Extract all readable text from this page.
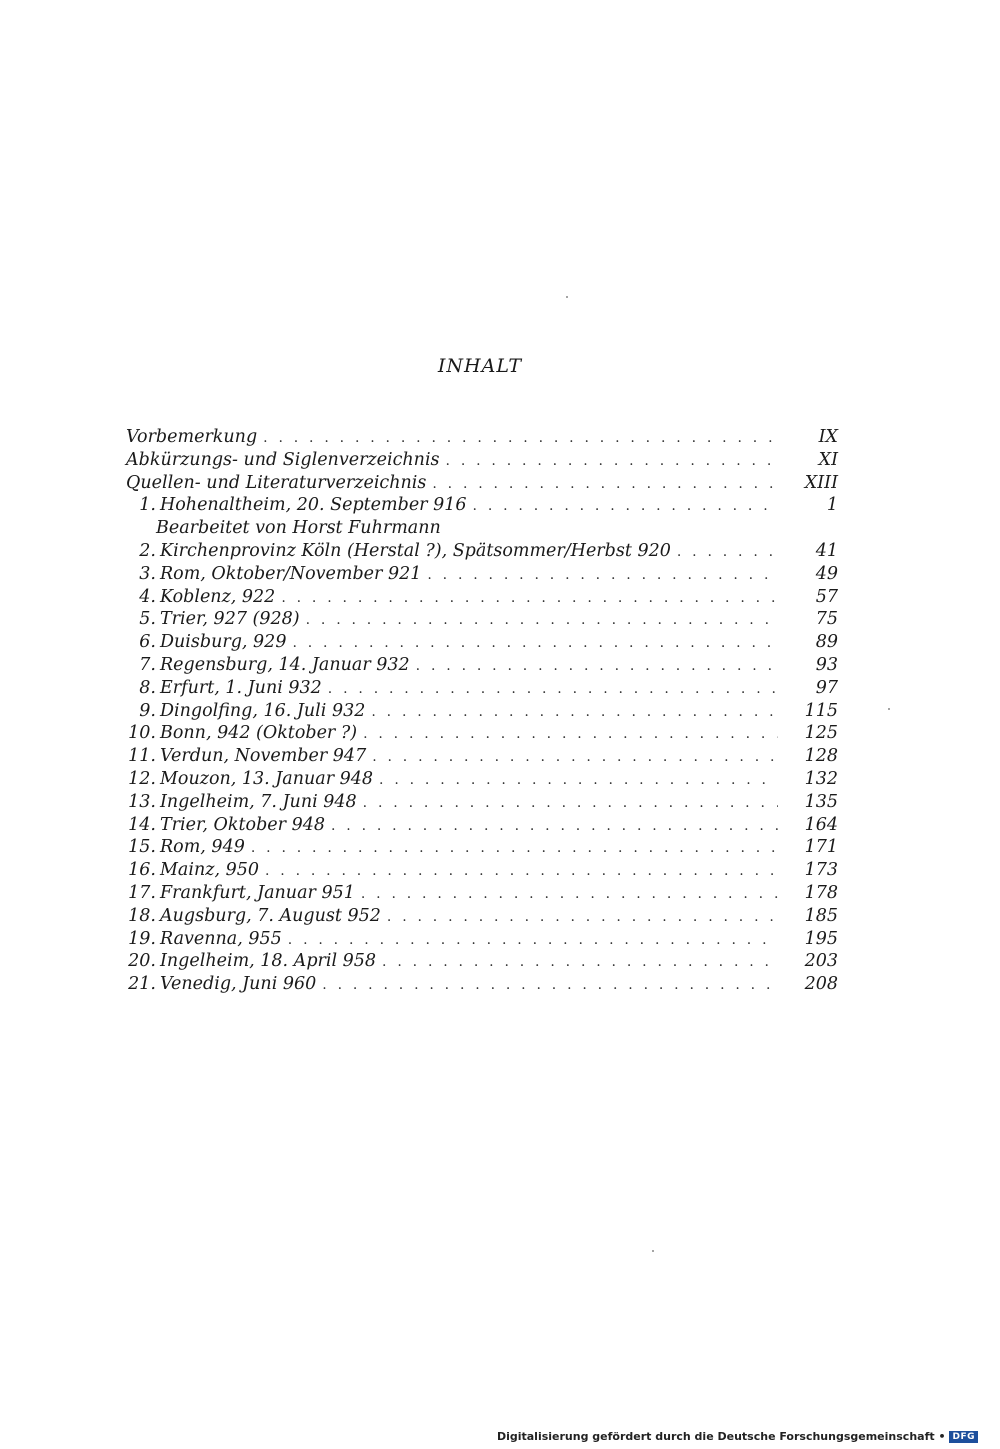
INHALT
Vorbemerkung . . .	IX
Abkürzungs- und Siglenverzeichnis . . .	XI
Quellen- und Literaturverzeichnis . . .	XIII
1. Hohenaltheim, 20. September 916 . . .	1
Bearbeitet von Horst Fuhrmann
2. Kirchenprovinz Köln (Herstal ?), Spätsommer/Herbst 920 . . .	41
3. Rom, Oktober/November 921 . . .	49
4. Koblenz, 922 . . .	57
5. Trier, 927 (928) . . .	75
6. Duisburg, 929 . . .	89
7. Regensburg, 14. Januar 932 . . .	93
8. Erfurt, 1. Juni 932 . . .	97
9. Dingolfing, 16. Juli 932 . . .	115
10. Bonn, 942 (Oktober ?) . . .	125
11. Verdun, November 947 . . .	128
12. Mouzon, 13. Januar 948 . . .	132
13. Ingelheim, 7. Juni 948 . . .	135
14. Trier, Oktober 948 . . .	164
15. Rom, 949 . . .	171
16. Mainz, 950 . . .	173
17. Frankfurt, Januar 951 . . .	178
18. Augsburg, 7. August 952 . . .	185
19. Ravenna, 955 . . .	195
20. Ingelheim, 18. April 958 . . .	203
21. Venedig, Juni 960 . . .	208
Digitalisierung gefördert durch die Deutsche Forschungsgemeinschaft • DFG
